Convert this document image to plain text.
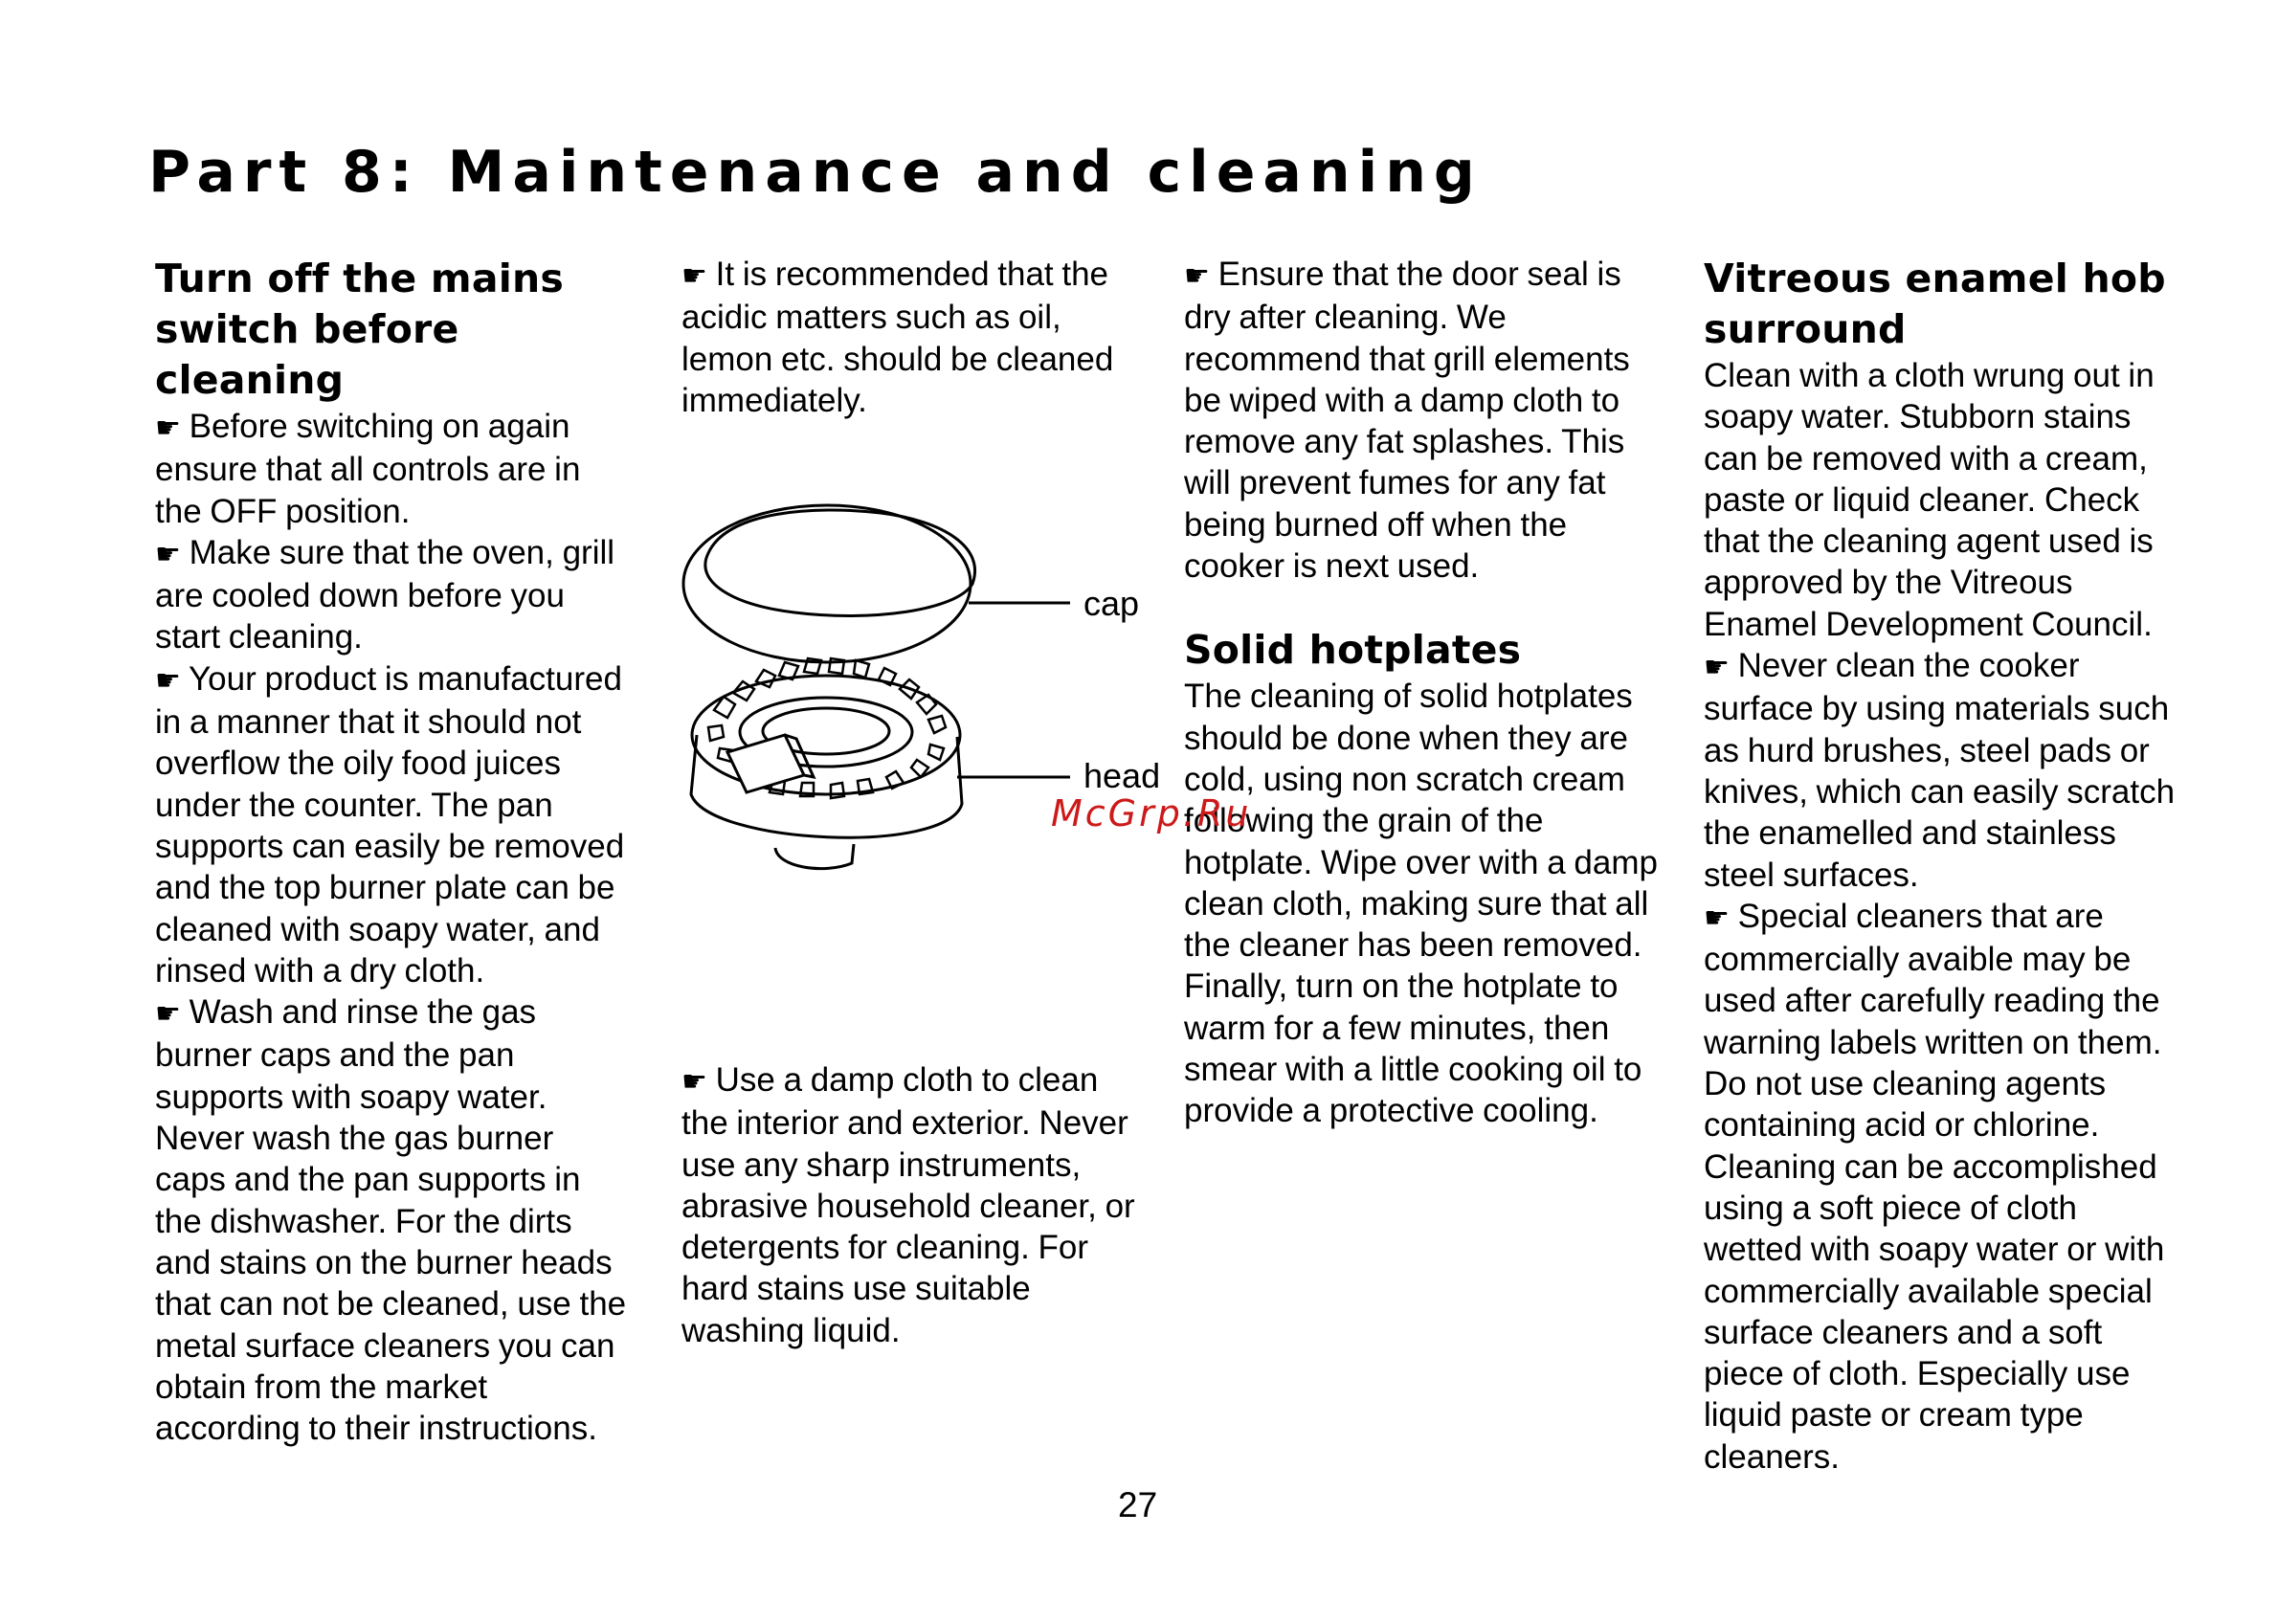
Part 8: Maintenance and cleaning
Turn off the mains switch before cleaning

☛ Before switching on again ensure that all controls are in the OFF position.

☛ Make sure that the oven, grill are cooled down before you start cleaning.

☛ Your product is manufactured in a manner that it should not overflow the oily food juices under the counter. The pan supports can easily be removed and the top burner plate can be cleaned with soapy water, and rinsed with a dry cloth.

☛ Wash and rinse the gas burner caps and the pan supports with soapy water. Never wash the gas burner caps and the pan supports in the dishwasher. For the dirts and stains on the burner heads that can not be cleaned, use the metal surface cleaners you can obtain from the market according to their instructions.

☛ It is recommended that the acidic matters such as oil, lemon etc. should be cleaned immediately.

cap
head

☛ Use a damp cloth to clean the interior and exterior. Never use any sharp instruments, abrasive household cleaner, or detergents for cleaning. For hard stains use suitable washing liquid.

☛ Ensure that the door seal is dry after cleaning. We recommend that grill elements be wiped with a damp cloth to remove any fat splashes. This will prevent fumes for any fat being burned off when the cooker is next used.

Solid hotplates

The cleaning of solid hotplates should be done when they are cold, using non scratch cream following the grain of the hotplate. Wipe over with a damp clean cloth, making sure that all the cleaner has been removed. Finally, turn on the hotplate to warm for a few minutes, then smear with a little cooking oil to provide a protective cooling.

Vitreous enamel hob surround

Clean with a cloth wrung out in soapy water. Stubborn stains can be removed with a cream, paste or liquid cleaner. Check that the cleaning agent used is approved by the Vitreous Enamel Development Council.

☛ Never clean the cooker surface by using materials such as hurd brushes, steel pads or knives, which can easily scratch the enamelled and stainless steel surfaces.

☛ Special cleaners that are commercially avaible may be used after carefully reading the warning labels written on them. Do not use cleaning agents containing acid or chlorine. Cleaning can be accomplished using a soft piece of cloth wetted with soapy water or with commercially available special surface cleaners and a soft piece of cloth. Especially use liquid paste or cream type cleaners.

McGrp.Ru
27
